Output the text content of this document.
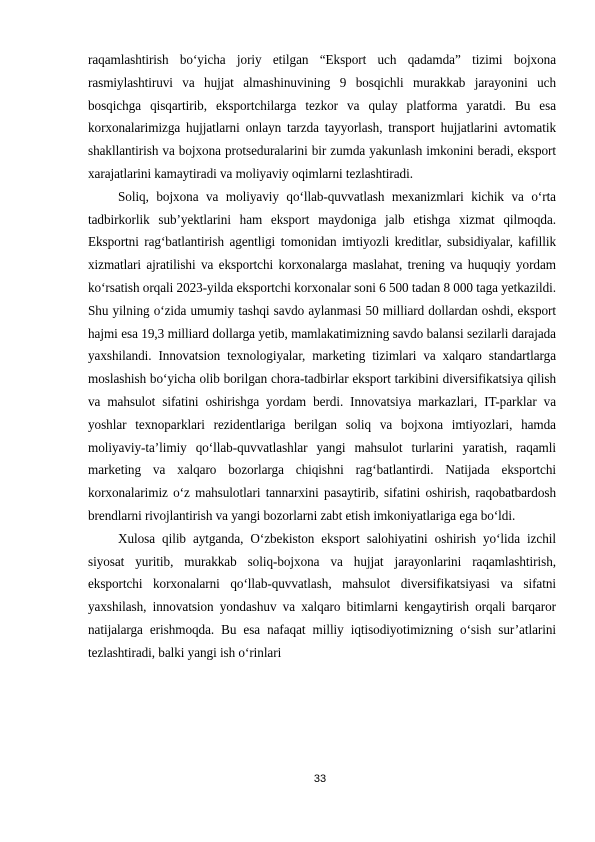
raqamlashtirish bo‘yicha joriy etilgan “Eksport uch qadamda” tizimi bojxona rasmiylashtiruvi va hujjat almashinuvining 9 bosqichli murakkab jarayonini uch bosqichga qisqartirib, eksportchilarga tezkor va qulay platforma yaratdi. Bu esa korxonalarimizga hujjatlarni onlayn tarzda tayyorlash, transport hujjatlarini avtomatik shakllantirish va bojxona protseduralarini bir zumda yakunlash imkonini beradi, eksport xarajatlarini kamaytiradi va moliyaviy oqimlarni tezlashtiradi.

Soliq, bojxona va moliyaviy qo‘llab-quvvatlash mexanizmlari kichik va o‘rta tadbirkorlik sub’yektlarini ham eksport maydoniga jalb etishga xizmat qilmoqda. Eksportni rag‘batlantirish agentligi tomonidan imtiyozli kreditlar, subsidiyalar, kafillik xizmatlari ajratilishi va eksportchi korxonalarga maslahat, trening va huquqiy yordam ko‘rsatish orqali 2023-yilda eksportchi korxonalar soni 6 500 tadan 8 000 taga yetkazildi. Shu yilning o‘zida umumiy tashqi savdo aylanmasi 50 milliard dollardan oshdi, eksport hajmi esa 19,3 milliard dollarga yetib, mamlakatimizning savdo balansi sezilarli darajada yaxshilandi. Innovatsion texnologiyalar, marketing tizimlari va xalqaro standartlarga moslashish bo‘yicha olib borilgan chora-tadbirlar eksport tarkibini diversifikatsiya qilish va mahsulot sifatini oshirishga yordam berdi. Innovatsiya markazlari, IT-parklar va yoshlar texnoparklari rezidentlariga berilgan soliq va bojxona imtiyozlari, hamda moliyaviy-ta’limiy qo‘llab-quvvatlashlar yangi mahsulot turlarini yaratish, raqamli marketing va xalqaro bozorlarga chiqishni rag‘batlantirdi. Natijada eksportchi korxonalarimiz o‘z mahsulotlari tannarxini pasaytirib, sifatini oshirish, raqobatbardosh brendlarni rivojlantirish va yangi bozorlarni zabt etish imkoniyatlariga ega bo‘ldi.

Xulosa qilib aytganda, O‘zbekiston eksport salohiyatini oshirish yo‘lida izchil siyosat yuritib, murakkab soliq-bojxona va hujjat jarayonlarini raqamlashtirish, eksportchi korxonalarni qo‘llab-quvvatlash, mahsulot diversifikatsiyasi va sifatni yaxshilash, innovatsion yondashuv va xalqaro bitimlarni kengaytirish orqali barqaror natijalarga erishmoqda. Bu esa nafaqat milliy iqtisodiyotimizning o‘sish sur’atlarini tezlashtiradi, balki yangi ish o‘rinlari

33
